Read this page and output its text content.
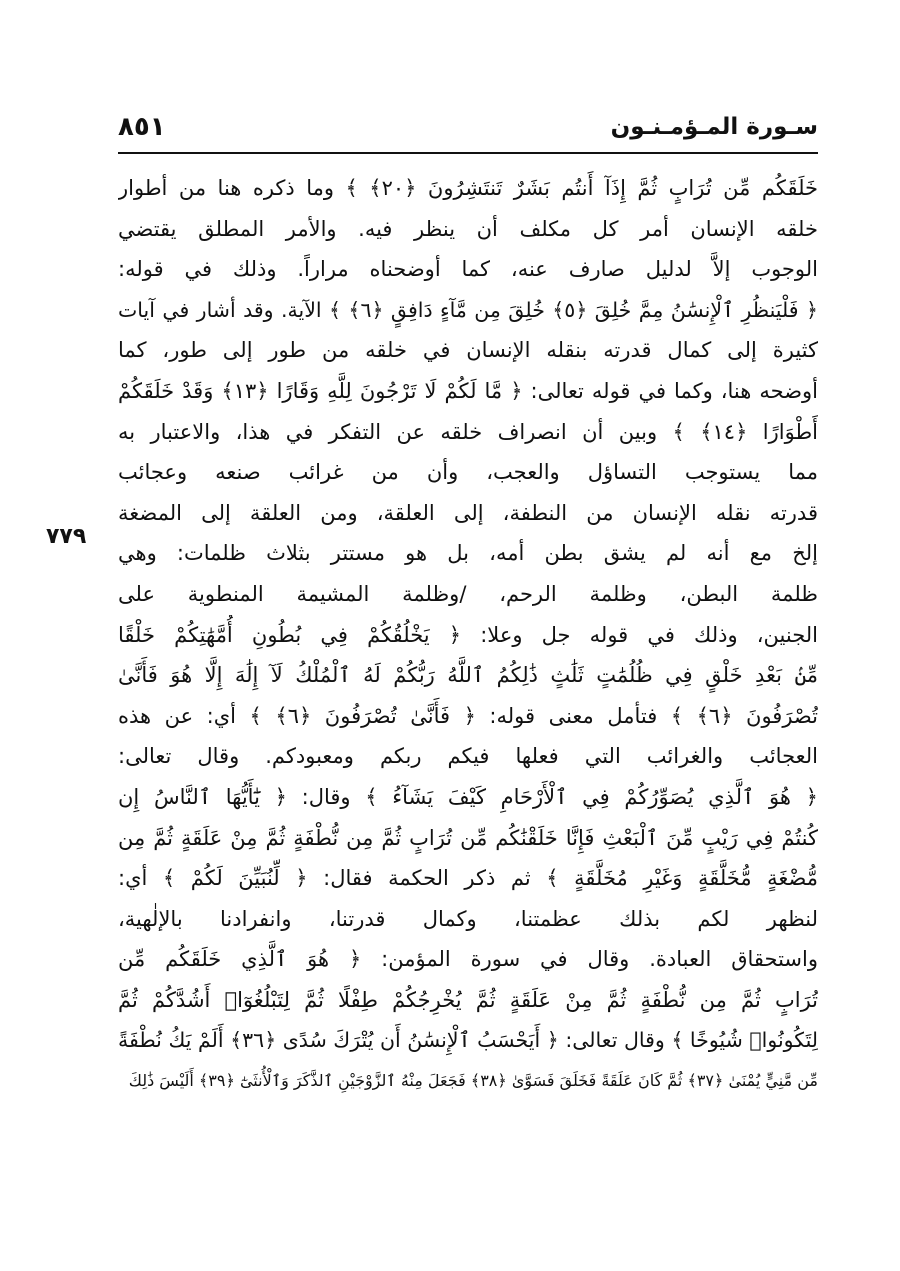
سـورة المـؤمـنـون
٨٥١
٧٧٩
خَلَقَكُم مِّن تُرَابٍ ثُمَّ إِذَآ أَنتُم بَشَرٌ تَنتَشِرُونَ ﴿٢٠﴾ ﴾ وما ذكره هنا من أطوار
خلقه الإنسان أمر كل مكلف أن ينظر فيه. والأمر المطلق يقتضي
الوجوب إلاَّ لدليل صارف عنه، كما أوضحناه مراراً. وذلك في قوله:
﴿ فَلْيَنظُرِ ٱلْإِنسَٰنُ مِمَّ خُلِقَ ﴿٥﴾ خُلِقَ مِن مَّآءٍ دَافِقٍ ﴿٦﴾ ﴾ الآية. وقد أشار في آيات
كثيرة إلى كمال قدرته بنقله الإنسان في خلقه من طور إلى طور، كما
أوضحه هنا، وكما في قوله تعالى: ﴿ مَّا لَكُمْ لَا تَرْجُونَ لِلَّهِ وَقَارًا ﴿١٣﴾ وَقَدْ خَلَقَكُمْ
أَطْوَارًا ﴿١٤﴾ ﴾ وبين أن انصراف خلقه عن التفكر في هذا، والاعتبار به
مما يستوجب التساؤل والعجب، وأن من غرائب صنعه وعجائب
قدرته نقله الإنسان من النطفة، إلى العلقة، ومن العلقة إلى المضغة
إلخ مع أنه لم يشق بطن أمه، بل هو مستتر بثلاث ظلمات: وهي
ظلمة البطن، وظلمة الرحم، /وظلمة المشيمة المنطوية على
الجنين، وذلك في قوله جل وعلا: ﴿ يَخْلُقُكُمْ فِي بُطُونِ أُمَّهَٰتِكُمْ خَلْقًا
مِّنۢ بَعْدِ خَلْقٍ فِي ظُلُمَٰتٍ ثَلَٰثٍ ذَٰلِكُمُ ٱللَّهُ رَبُّكُمْ لَهُ ٱلْمُلْكُ لَآ إِلَٰهَ إِلَّا هُوَ فَأَنَّىٰ
تُصْرَفُونَ ﴿٦﴾ ﴾ فتأمل معنى قوله: ﴿ فَأَنَّىٰ تُصْرَفُونَ ﴿٦﴾ ﴾ أي: عن هذه
العجائب والغرائب التي فعلها فيكم ربكم ومعبودكم. وقال تعالى:
﴿ هُوَ ٱلَّذِي يُصَوِّرُكُمْ فِي ٱلْأَرْحَامِ كَيْفَ يَشَآءُ ﴾ وقال: ﴿ يَٰٓأَيُّهَا ٱلنَّاسُ إِن
كُنتُمْ فِي رَيْبٍ مِّنَ ٱلْبَعْثِ فَإِنَّا خَلَقْنَٰكُم مِّن تُرَابٍ ثُمَّ مِن نُّطْفَةٍ ثُمَّ مِنْ عَلَقَةٍ ثُمَّ مِن
مُّضْغَةٍ مُّخَلَّقَةٍ وَغَيْرِ مُخَلَّقَةٍ ﴾ ثم ذكر الحكمة فقال: ﴿ لِّنُبَيِّنَ لَكُمْ ﴾ أي:
لنظهر لكم بذلك عظمتنا، وكمال قدرتنا، وانفرادنا بالإلٰهية،
واستحقاق العبادة. وقال في سورة المؤمن: ﴿ هُوَ ٱلَّذِي خَلَقَكُم مِّن
تُرَابٍ ثُمَّ مِن نُّطْفَةٍ ثُمَّ مِنْ عَلَقَةٍ ثُمَّ يُخْرِجُكُمْ طِفْلًا ثُمَّ لِتَبْلُغُوٓا۟ أَشُدَّكُمْ ثُمَّ
لِتَكُونُوا۟ شُيُوخًا ﴾ وقال تعالى: ﴿ أَيَحْسَبُ ٱلْإِنسَٰنُ أَن يُتْرَكَ سُدًى ﴿٣٦﴾ أَلَمْ يَكُ نُطْفَةً
مِّن مَّنِيٍّ يُمْنَىٰ ﴿٣٧﴾ ثُمَّ كَانَ عَلَقَةً فَخَلَقَ فَسَوَّىٰ ﴿٣٨﴾ فَجَعَلَ مِنْهُ ٱلزَّوْجَيْنِ ٱلذَّكَرَ وَٱلْأُنثَىٰٓ ﴿٣٩﴾ أَلَيْسَ ذَٰلِكَ
